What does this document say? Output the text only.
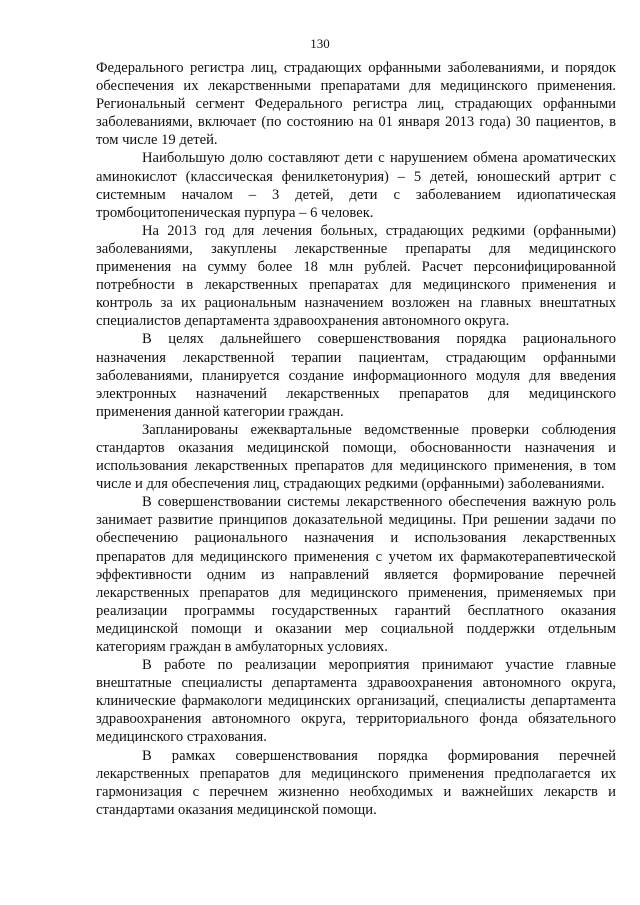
130

Федерального регистра лиц, страдающих орфанными заболеваниями, и порядок обеспечения их лекарственными препаратами для медицинского применения. Региональный сегмент Федерального регистра лиц, страдающих орфанными заболеваниями, включает (по состоянию на 01 января 2013 года) 30 пациентов, в том числе 19 детей.

Наибольшую долю составляют дети с нарушением обмена ароматических аминокислот (классическая фенилкетонурия) – 5 детей, юношеский артрит с системным началом – 3 детей, дети с заболеванием идиопатическая тромбоцитопеническая пурпура – 6 человек.

На 2013 год для лечения больных, страдающих редкими (орфанными) заболеваниями, закуплены лекарственные препараты для медицинского применения на сумму более 18 млн рублей. Расчет персонифицированной потребности в лекарственных препаратах для медицинского применения и контроль за их рациональным назначением возложен на главных внештатных специалистов департамента здравоохранения автономного округа.

В целях дальнейшего совершенствования порядка рационального назначения лекарственной терапии пациентам, страдающим орфанными заболеваниями, планируется создание информационного модуля для введения электронных назначений лекарственных препаратов для медицинского применения данной категории граждан.

Запланированы ежеквартальные ведомственные проверки соблюдения стандартов оказания медицинской помощи, обоснованности назначения и использования лекарственных препаратов для медицинского применения, в том числе и для обеспечения лиц, страдающих редкими (орфанными) заболеваниями.

В совершенствовании системы лекарственного обеспечения важную роль занимает развитие принципов доказательной медицины. При решении задачи по обеспечению рационального назначения и использования лекарственных препаратов для медицинского применения с учетом их фармакотерапевтической эффективности одним из направлений является формирование перечней лекарственных препаратов для медицинского применения, применяемых при реализации программы государственных гарантий бесплатного оказания медицинской помощи и оказании мер социальной поддержки отдельным категориям граждан в амбулаторных условиях.

В работе по реализации мероприятия принимают участие главные внештатные специалисты департамента здравоохранения автономного округа, клинические фармакологи медицинских организаций, специалисты департамента здравоохранения автономного округа, территориального фонда обязательного медицинского страхования.

В рамках совершенствования порядка формирования перечней лекарственных препаратов для медицинского применения предполагается их гармонизация с перечнем жизненно необходимых и важнейших лекарств и стандартами оказания медицинской помощи.
